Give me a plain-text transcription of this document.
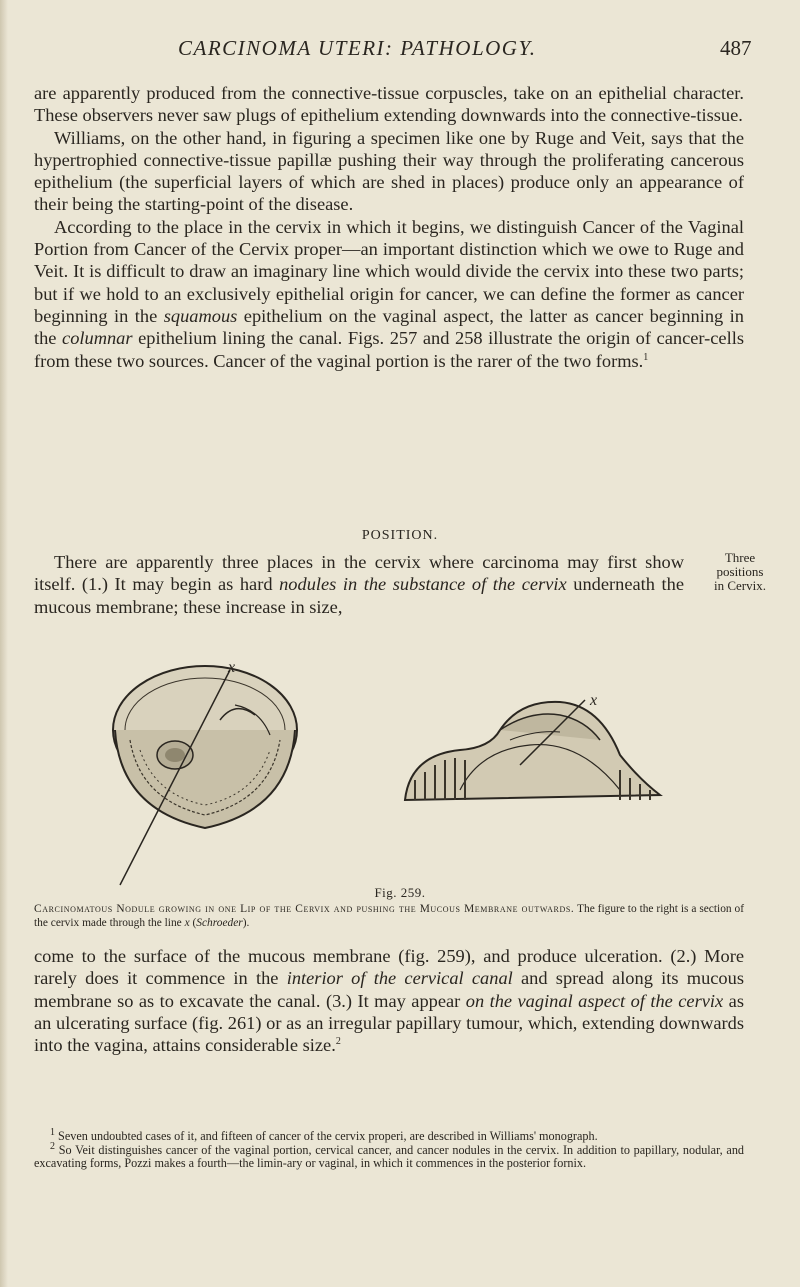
CARCINOMA UTERI: PATHOLOGY.	487

are apparently produced from the connective-tissue corpuscles, take on an epithelial character. These observers never saw plugs of epithelium extending downwards into the connective-tissue.

Williams, on the other hand, in figuring a specimen like one by Ruge and Veit, says that the hypertrophied connective-tissue papillæ pushing their way through the proliferating cancerous epithelium (the superficial layers of which are shed in places) produce only an appearance of their being the starting-point of the disease.

According to the place in the cervix in which it begins, we distinguish Cancer of the Vaginal Portion from Cancer of the Cervix proper—an important distinction which we owe to Ruge and Veit. It is difficult to draw an imaginary line which would divide the cervix into these two parts; but if we hold to an exclusively epithelial origin for cancer, we can define the former as cancer beginning in the squamous epithelium on the vaginal aspect, the latter as cancer beginning in the columnar epithelium lining the canal. Figs. 257 and 258 illustrate the origin of cancer-cells from these two sources. Cancer of the vaginal portion is the rarer of the two forms.$^1$

POSITION.

There are apparently three places in the cervix where carcinoma may first show itself. (1.) It may begin as hard nodules in the substance of the cervix underneath the mucous membrane; these increase in size,

Three
positions
in Cervix.
x
x
Fig. 259.
Carcinomatous Nodule growing in one Lip of the Cervix and pushing the Mucous Membrane outwards. The figure to the right is a section of the cervix made through the line x (Schroeder).

come to the surface of the mucous membrane (fig. 259), and produce ulceration. (2.) More rarely does it commence in the interior of the cervical canal and spread along its mucous membrane so as to excavate the canal. (3.) It may appear on the vaginal aspect of the cervix as an ulcerating surface (fig. 261) or as an irregular papillary tumour, which, extending downwards into the vagina, attains considerable size.$^2$

$^1$ Seven undoubted cases of it, and fifteen of cancer of the cervix properi, are described in Williams' monograph.

$^2$ So Veit distinguishes cancer of the vaginal portion, cervical cancer, and cancer nodules in the cervix. In addition to papillary, nodular, and excavating forms, Pozzi makes a fourth—the limin-ary or vaginal, in which it commences in the posterior fornix.
